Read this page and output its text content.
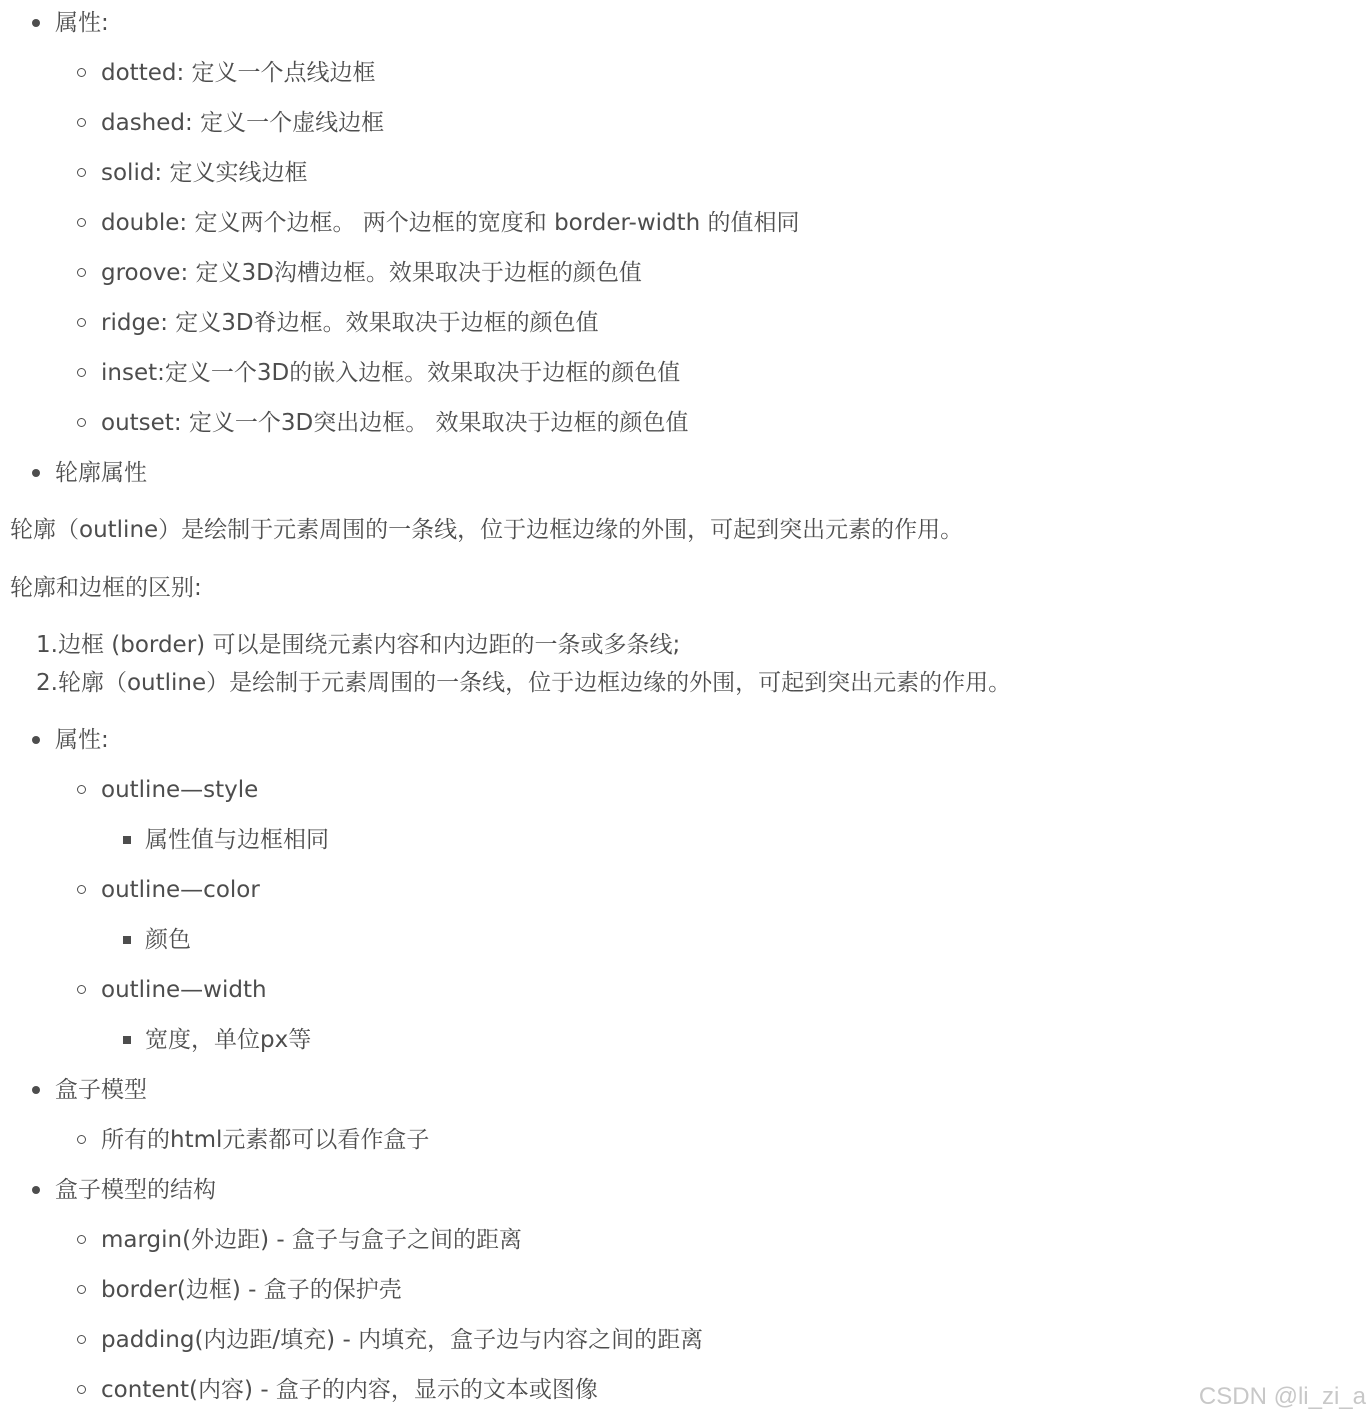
属性:
dotted: 定义一个点线边框
dashed: 定义一个虚线边框
solid: 定义实线边框
double: 定义两个边框。 两个边框的宽度和 border-width 的值相同
groove: 定义3D沟槽边框。效果取决于边框的颜色值
ridge: 定义3D脊边框。效果取决于边框的颜色值
inset:定义一个3D的嵌入边框。效果取决于边框的颜色值
outset: 定义一个3D突出边框。 效果取决于边框的颜色值
轮廓属性
轮廓（outline）是绘制于元素周围的一条线，位于边框边缘的外围，可起到突出元素的作用。
轮廓和边框的区别:
1.边框 (border) 可以是围绕元素内容和内边距的一条或多条线;
2.轮廓（outline）是绘制于元素周围的一条线，位于边框边缘的外围，可起到突出元素的作用。
属性:
outline—style
属性值与边框相同
outline—color
颜色
outline—width
宽度，单位px等
盒子模型
所有的html元素都可以看作盒子
盒子模型的结构
margin(外边距) - 盒子与盒子之间的距离
border(边框) - 盒子的保护壳
padding(内边距/填充) - 内填充，盒子边与内容之间的距离
content(内容) - 盒子的内容，显示的文本或图像	CSDN @li_zi_a
